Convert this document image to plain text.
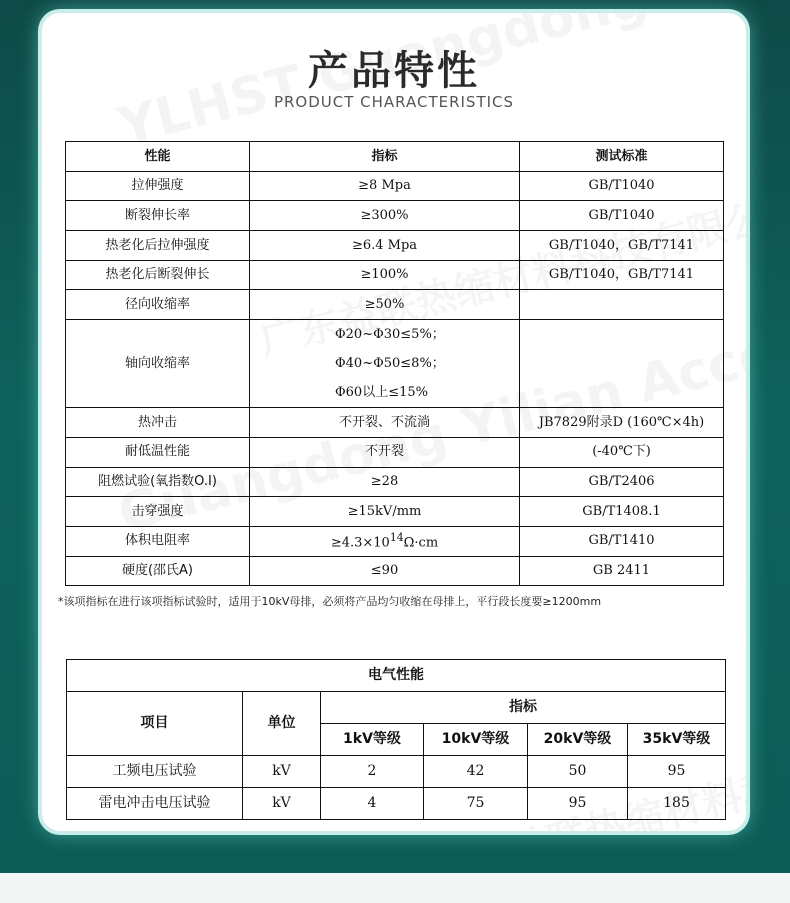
产品特性
PRODUCT CHARACTERISTICS
性能	指标	测试标准
拉伸强度	≥8 Mpa	GB/T1040
断裂伸长率	≥300%	GB/T1040
热老化后拉伸强度	≥6.4 Mpa	GB/T1040，GB/T7141
热老化后断裂伸长	≥100%	GB/T1040，GB/T7141
径向收缩率	≥50%	
轴向收缩率	Φ20~Φ30≤5%；
Φ40~Φ50≤8%；
Φ60以上≤15%	

热冲击	不开裂、不流淌	JB7829附录D (160℃×4h)
耐低温性能	不开裂	(-40℃下)
阻燃试验(氧指数O.I)	≥28	GB/T2406
击穿强度	≥15kV/mm	GB/T1408.1
体积电阻率	$\ge 4.3\times 10^{14}\Omega\cdot cm$	GB/T1410
硬度(邵氏A)	≤90	GB 2411
*该项指标在进行该项指标试验时，适用于10kV母排，必须将产品均匀收缩在母排上，平行段长度要≥1200mm
电气性能					
项目	单位	指标			
		1kV等级	10kV等级	20kV等级	35kV等级
工频电压试验	kV	2	42	50	95
雷电冲击电压试验	kV	4	75	95	185
